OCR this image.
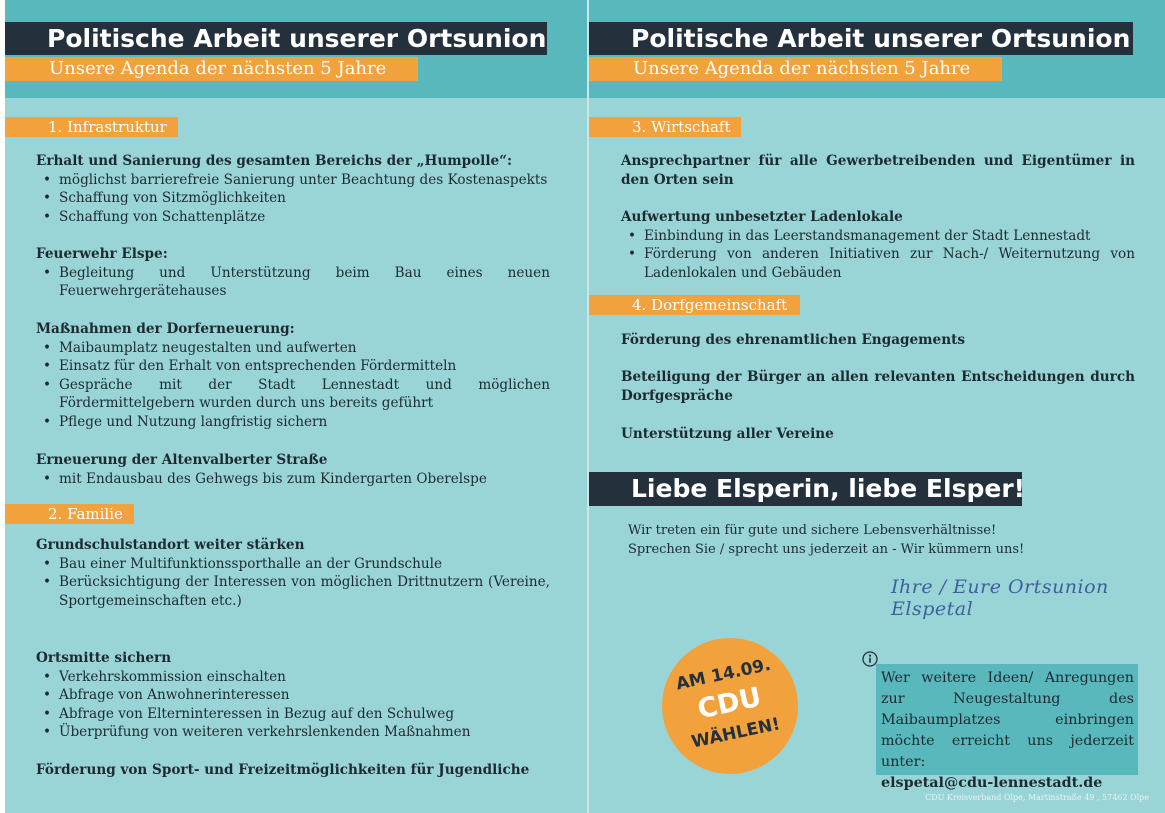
Politische Arbeit unserer Ortsunion
Unsere Agenda der nächsten 5 Jahre
1. Infrastruktur
Erhalt und Sanierung des gesamten Bereichs der „Humpolle“:
• möglichst barrierefreie Sanierung unter Beachtung des Kostenaspekts
• Schaffung von Sitzmöglichkeiten
• Schaffung von Schattenplätze
Feuerwehr Elspe:
• Begleitung und Unterstützung beim Bau eines neuen Feuerwehrgerätehauses
Maßnahmen der Dorferneuerung:
• Maibaumplatz neugestalten und aufwerten
• Einsatz für den Erhalt von entsprechenden Fördermitteln
• Gespräche mit der Stadt Lennestadt und möglichen Fördermittelgebern wurden durch uns bereits geführt
• Pflege und Nutzung langfristig sichern
Erneuerung der Altenvalberter Straße
• mit Endausbau des Gehwegs bis zum Kindergarten Oberelspe
2. Familie
Grundschulstandort weiter stärken
• Bau einer Multifunktionssporthalle an der Grundschule
• Berücksichtigung der Interessen von möglichen Drittnutzern (Vereine, Sportgemeinschaften etc.)
Ortsmitte sichern
• Verkehrskommission einschalten
• Abfrage von Anwohnerinteressen
• Abfrage von Elterninteressen in Bezug auf den Schulweg
• Überprüfung von weiteren verkehrslenkenden Maßnahmen
Förderung von Sport- und Freizeitmöglichkeiten für Jugendliche
Politische Arbeit unserer Ortsunion
Unsere Agenda der nächsten 5 Jahre
3. Wirtschaft
Ansprechpartner für alle Gewerbetreibenden und Eigentümer in den Orten sein
Aufwertung unbesetzter Ladenlokale
• Einbindung in das Leerstandsmanagement der Stadt Lennestadt
• Förderung von anderen Initiativen zur Nach-/ Weiternutzung von Ladenlokalen und Gebäuden
4. Dorfgemeinschaft
Förderung des ehrenamtlichen Engagements
Beteiligung der Bürger an allen relevanten Entscheidungen durch Dorfgespräche
Unterstützung aller Vereine
Liebe Elsperin, liebe Elsper!
Wir treten ein für gute und sichere Lebensverhältnisse!
Sprechen Sie / sprecht uns jederzeit an - Wir kümmern uns!
Ihre / Eure Ortsunion Elspetal
AM 14.09.
CDU
WÄHLEN!
Wer weitere Ideen/ Anregungen zur Neugestaltung des Maibaumplatzes einbringen möchte erreicht uns jederzeit unter:
elspetal@cdu-lennestadt.de
CDU Kreisverband Olpe, Martinstraße 49 , 57462 Olpe
